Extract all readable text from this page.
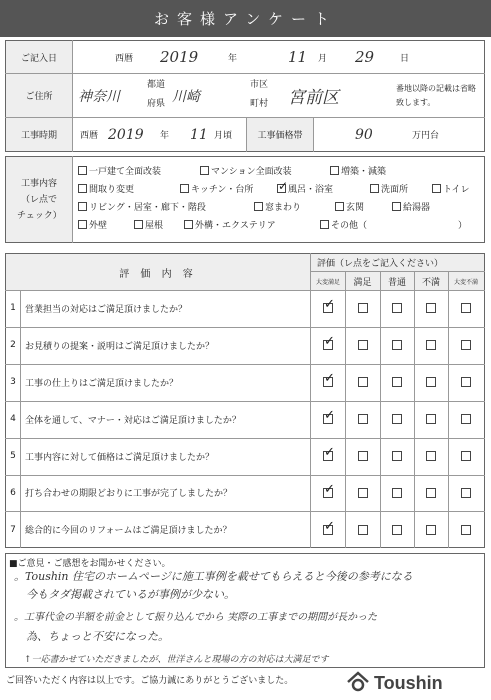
お客様アンケート
ご記入日	西暦 2019	年	11 月 29	日
ご住所	神奈川
都道
府県 川崎
市区
町村 宮前区	番地以降の記載は省略致します。
工事時期	西暦 2019 年 11 月頃	工事価格帯	90	万円台
工事内容
（レ点でチェック）
一戸建て全面改装	マンション全面改装	増築・減築
間取り変更	キッチン・台所
✓	風呂・浴室	洗面所	トイレ
リビング・居室・廊下・階段	窓まわり	玄関	給湯器
外壁	屋根	外構・エクステリア	その他（	）
評 価 内 容
評価（レ点をご記入ください）
大変満足	満足	普通	不満	大変不満
1	営業担当の対応はご満足頂けましたか？
✓
2	お見積りの提案・説明はご満足頂けましたか？
✓
3	工事の仕上りはご満足頂けましたか？
✓
4	全体を通して、マナー・対応はご満足頂けましたか？
✓
5	工事内容に対して価格はご満足頂けましたか？
✓
6	打ち合わせの期限どおりに工事が完了しましたか？
✓
7	総合的に今回のリフォームはご満足頂けましたか？
✓
■ご意見・ご感想をお聞かせください。
。Toushin 住宅のホームページに施工事例を載せてもらえると今後の参考になる
今もタダ掲載されているが事例が少ない。
。工事代金の半額を前金として振り込んでから 実際の工事までの期間が長かった
為、ちょっと不安になった。
↑一応書かせていただきましたが、世洋さんと現場の方の対応は大満足です
ご回答いただく内容は以上です。ご協力誠にありがとうございました。	Toushin
